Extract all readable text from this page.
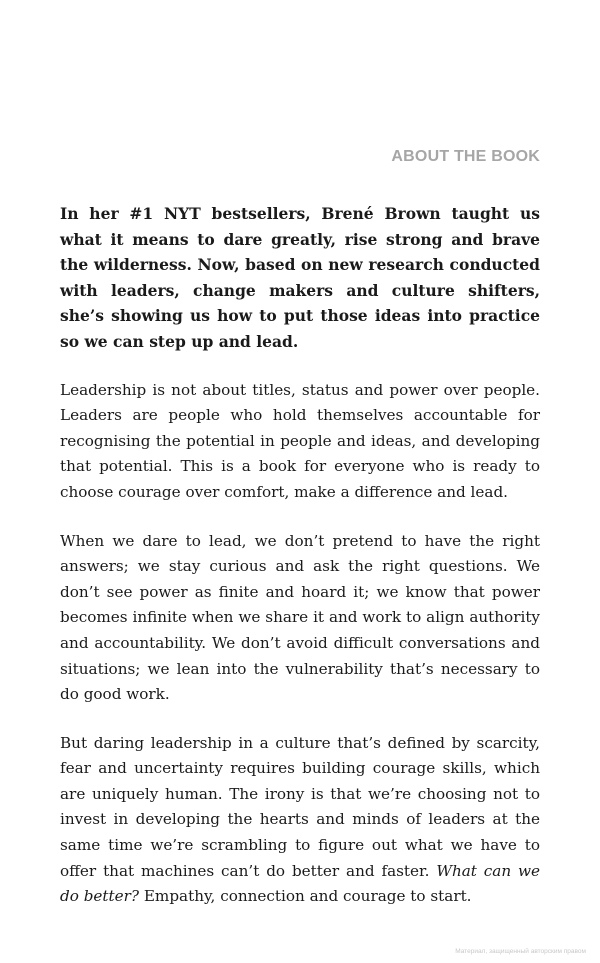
ABOUT THE BOOK

In her #1 NYT bestsellers, Brené Brown taught us what it means to dare greatly, rise strong and brave the wilderness. Now, based on new research conducted with leaders, change makers and culture shifters, she’s showing us how to put those ideas into practice so we can step up and lead.

Leadership is not about titles, status and power over people. Leaders are people who hold themselves accountable for recognising the potential in people and ideas, and developing that potential. This is a book for everyone who is ready to choose courage over comfort, make a difference and lead.

When we dare to lead, we don’t pretend to have the right answers; we stay curious and ask the right questions. We don’t see power as finite and hoard it; we know that power becomes infinite when we share it and work to align authority and accountability. We don’t avoid difficult conversations and situations; we lean into the vulnerability that’s necessary to do good work.

But daring leadership in a culture that’s defined by scarcity, fear and uncertainty requires building courage skills, which are uniquely human. The irony is that we’re choosing not to invest in developing the hearts and minds of leaders at the same time we’re scrambling to figure out what we have to offer that machines can’t do better and faster. What can we do better? Empathy, connection and courage to start.

Материал, защищенный авторским правом
